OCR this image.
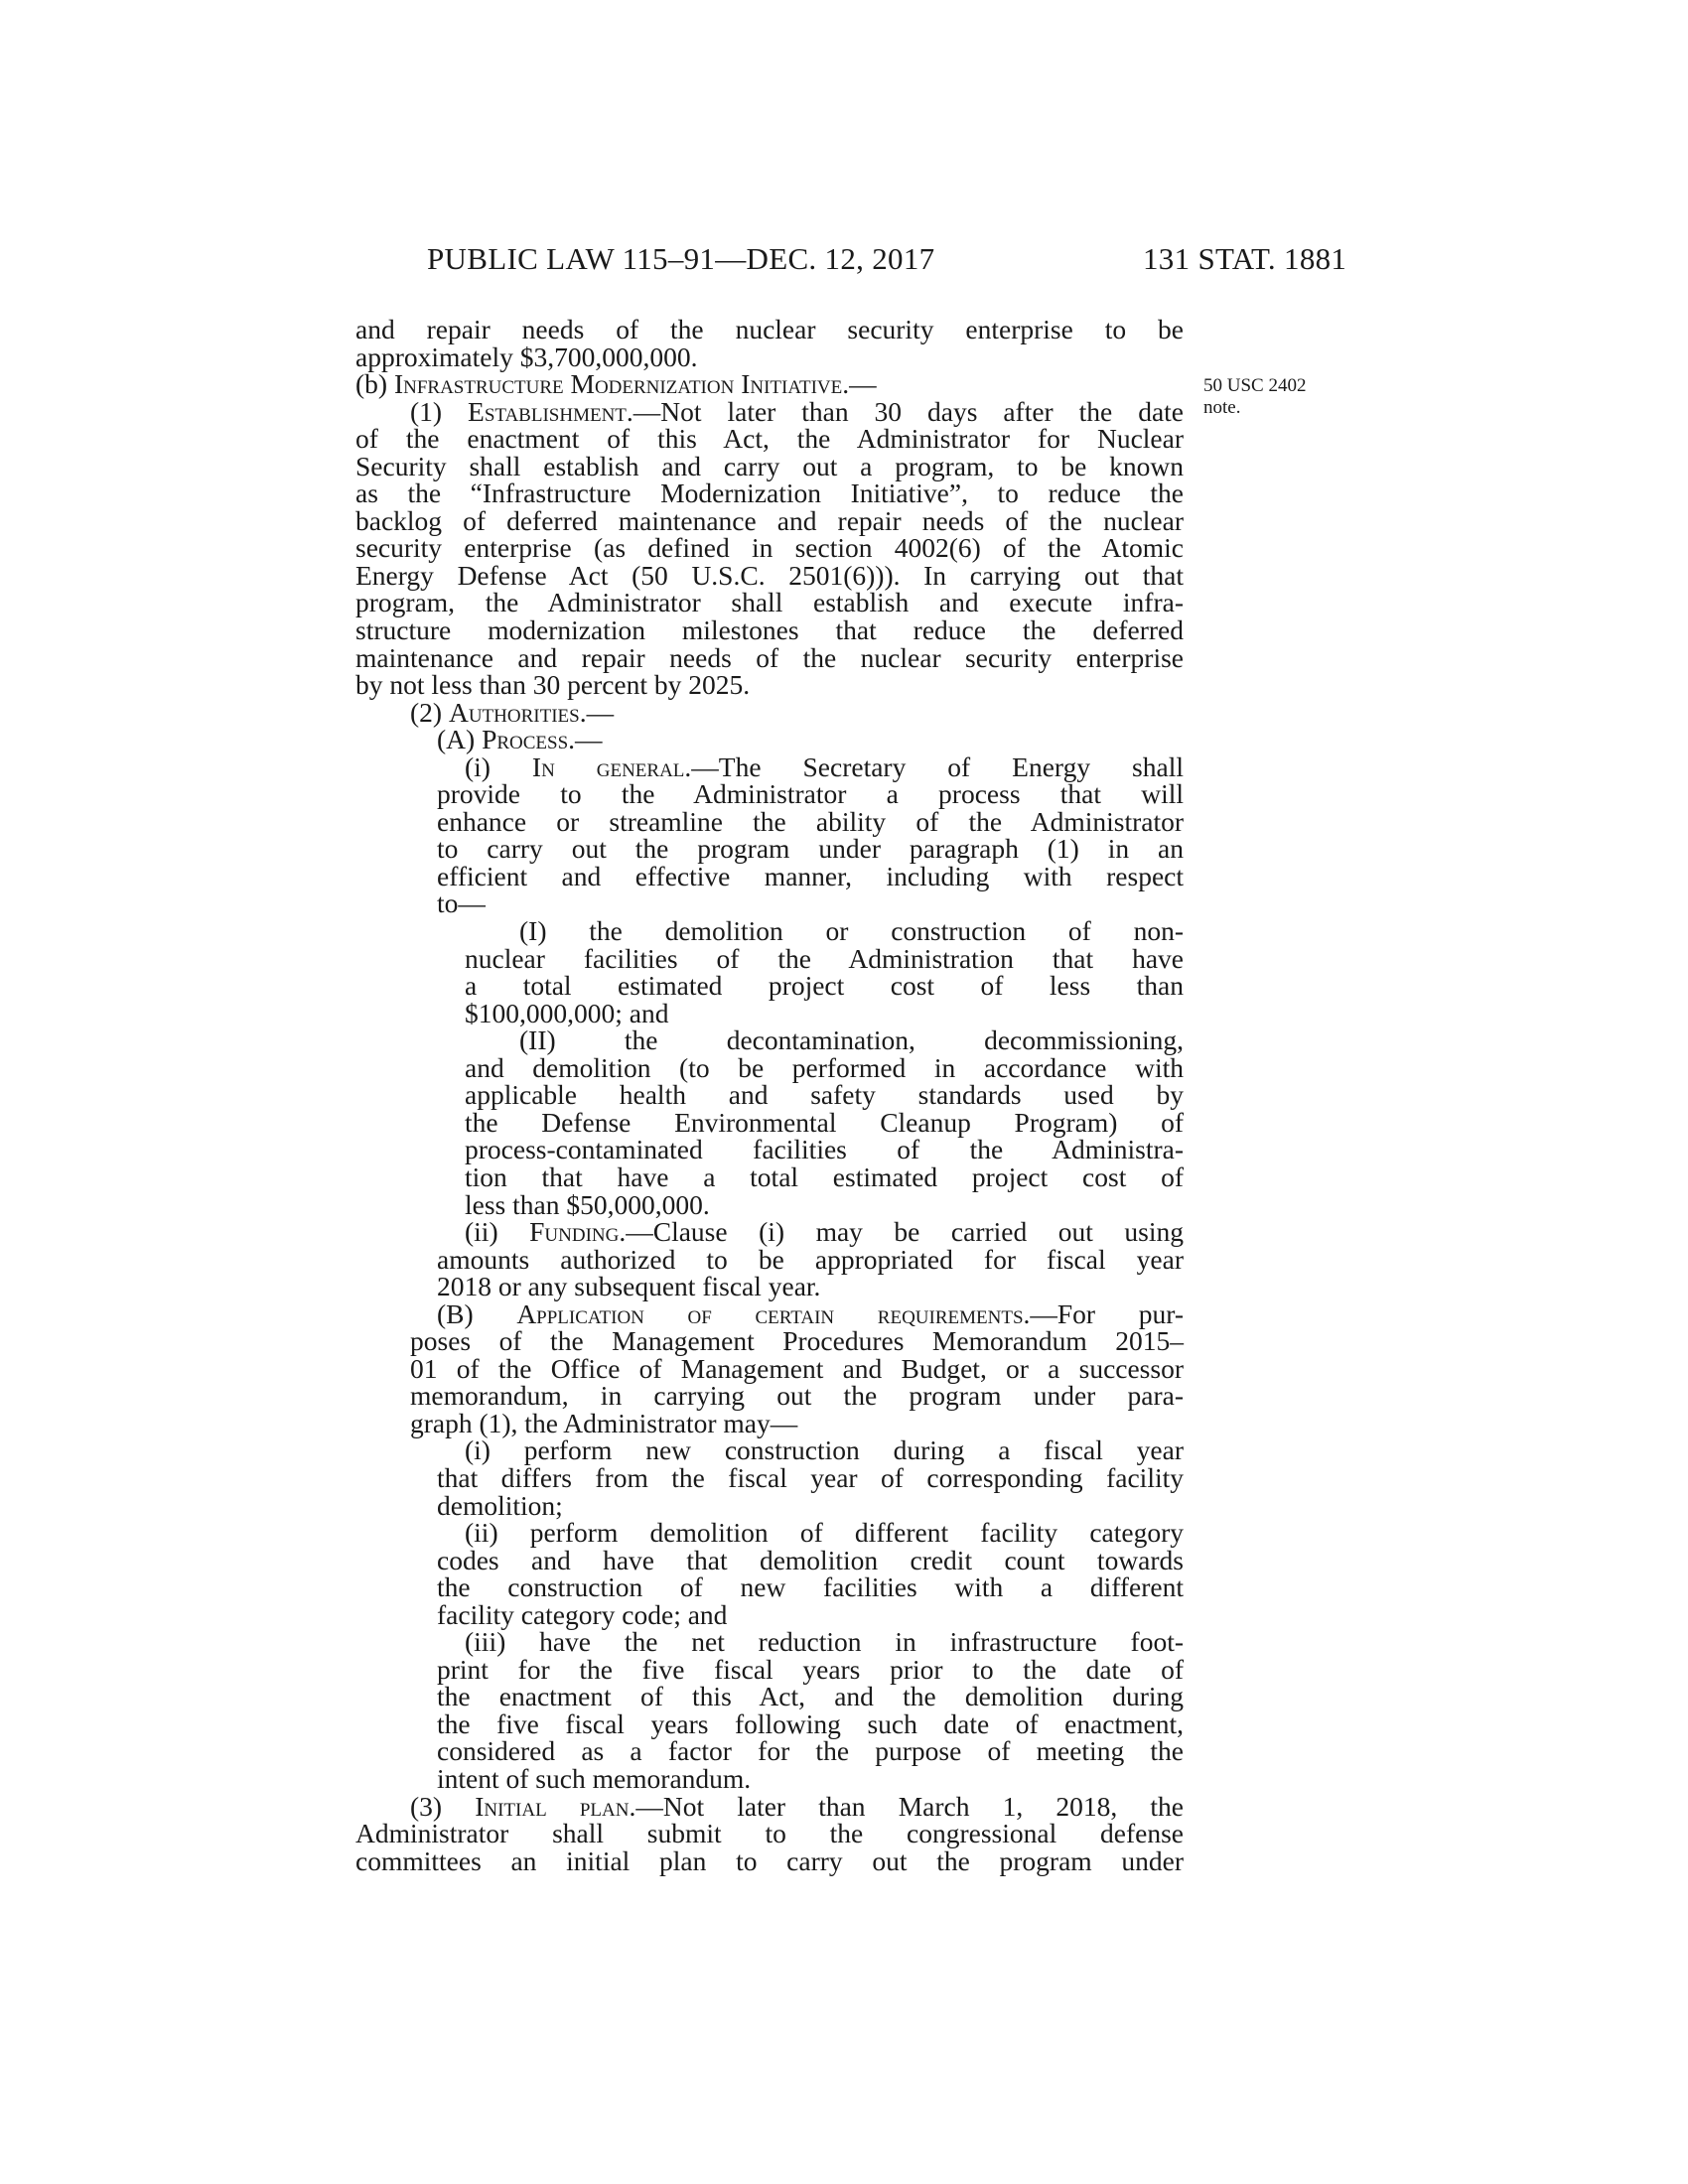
PUBLIC LAW 115–91—DEC. 12, 2017	131 STAT. 1881
50 USC 2402
note.
and repair needs of the nuclear security enterprise to be
approximately $3,700,000,000.
(b) Infrastructure Modernization Initiative.—
(1) Establishment.—Not later than 30 days after the date
of the enactment of this Act, the Administrator for Nuclear
Security shall establish and carry out a program, to be known
as the “Infrastructure Modernization Initiative”, to reduce the
backlog of deferred maintenance and repair needs of the nuclear
security enterprise (as defined in section 4002(6) of the Atomic
Energy Defense Act (50 U.S.C. 2501(6))). In carrying out that
program, the Administrator shall establish and execute infra-
structure modernization milestones that reduce the deferred
maintenance and repair needs of the nuclear security enterprise
by not less than 30 percent by 2025.
(2) Authorities.—
(A) Process.—
(i) In general.—The Secretary of Energy shall
provide to the Administrator a process that will
enhance or streamline the ability of the Administrator
to carry out the program under paragraph (1) in an
efficient and effective manner, including with respect
to—
(I) the demolition or construction of non-
nuclear facilities of the Administration that have
a total estimated project cost of less than
$100,000,000; and
(II) the decontamination, decommissioning,
and demolition (to be performed in accordance with
applicable health and safety standards used by
the Defense Environmental Cleanup Program) of
process-contaminated facilities of the Administra-
tion that have a total estimated project cost of
less than $50,000,000.
(ii) Funding.—Clause (i) may be carried out using
amounts authorized to be appropriated for fiscal year
2018 or any subsequent fiscal year.
(B) Application of certain requirements.—For pur-
poses of the Management Procedures Memorandum 2015–
01 of the Office of Management and Budget, or a successor
memorandum, in carrying out the program under para-
graph (1), the Administrator may—
(i) perform new construction during a fiscal year
that differs from the fiscal year of corresponding facility
demolition;
(ii) perform demolition of different facility category
codes and have that demolition credit count towards
the construction of new facilities with a different
facility category code; and
(iii) have the net reduction in infrastructure foot-
print for the five fiscal years prior to the date of
the enactment of this Act, and the demolition during
the five fiscal years following such date of enactment,
considered as a factor for the purpose of meeting the
intent of such memorandum.
(3) Initial plan.—Not later than March 1, 2018, the
Administrator shall submit to the congressional defense
committees an initial plan to carry out the program under
